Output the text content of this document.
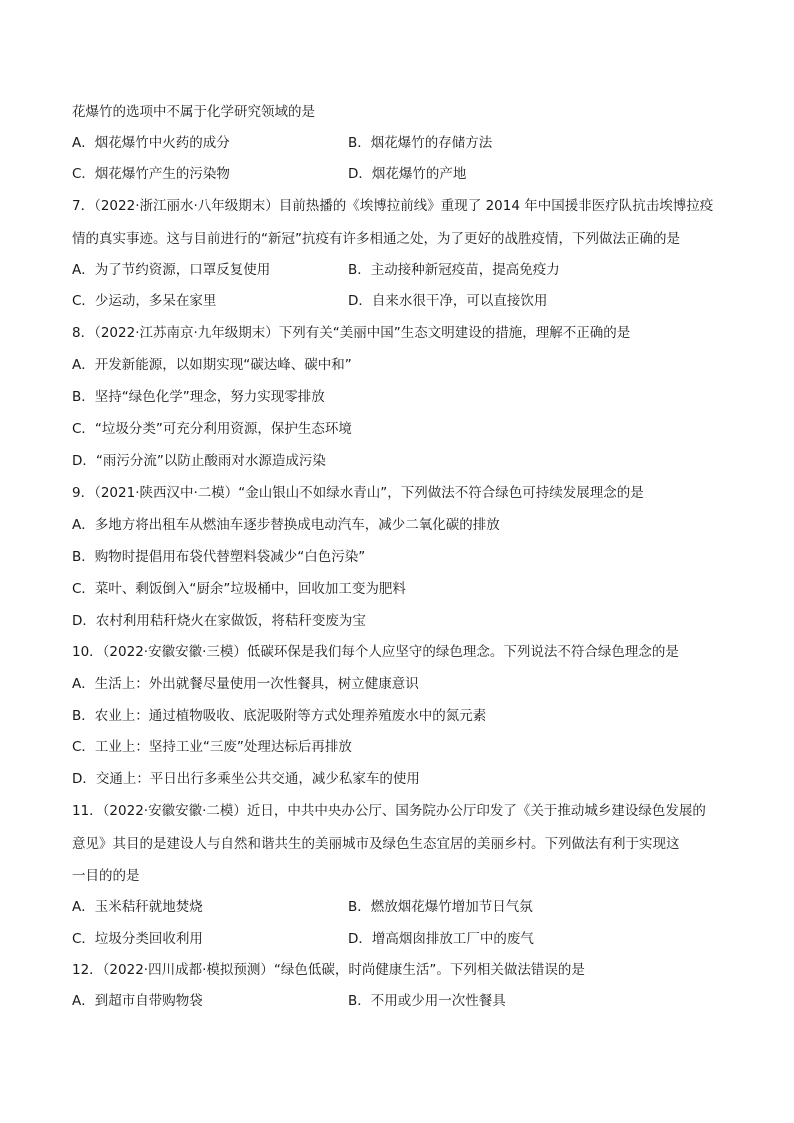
花爆竹的选项中不属于化学研究领域的是
A．烟花爆竹中火药的成分	B．烟花爆竹的存储方法
C．烟花爆竹产生的污染物	D．烟花爆竹的产地
7．（2022·浙江丽水·八年级期末）目前热播的《埃博拉前线》重现了 2014 年中国援非医疗队抗击埃博拉疫
情的真实事迹。这与目前进行的“新冠”抗疫有许多相通之处，为了更好的战胜疫情，下列做法正确的是
A．为了节约资源，口罩反复使用	B．主动接种新冠疫苗，提高免疫力
C．少运动，多呆在家里	D．自来水很干净，可以直接饮用
8．（2022·江苏南京·九年级期末）下列有关“美丽中国”生态文明建设的措施，理解不正确的是
A．开发新能源，以如期实现“碳达峰、碳中和”
B．坚持“绿色化学”理念，努力实现零排放
C．“垃圾分类”可充分利用资源，保护生态环境
D．“雨污分流”以防止酸雨对水源造成污染
9．（2021·陕西汉中·二模）“金山银山不如绿水青山”，下列做法不符合绿色可持续发展理念的是
A．多地方将出租车从燃油车逐步替换成电动汽车，减少二氧化碳的排放
B．购物时提倡用布袋代替塑料袋减少“白色污染”
C．菜叶、剩饭倒入“厨余”垃圾桶中，回收加工变为肥料
D．农村利用秸秆烧火在家做饭，将秸秆变废为宝
10．（2022·安徽安徽·三模）低碳环保是我们每个人应坚守的绿色理念。下列说法不符合绿色理念的是
A．生活上：外出就餐尽量使用一次性餐具，树立健康意识
B．农业上：通过植物吸收、底泥吸附等方式处理养殖废水中的氮元素
C．工业上：坚持工业“三废”处理达标后再排放
D．交通上：平日出行多乘坐公共交通，减少私家车的使用
11．（2022·安徽安徽·二模）近日，中共中央办公厅、国务院办公厅印发了《关于推动城乡建设绿色发展的
意见》其目的是建设人与自然和谐共生的美丽城市及绿色生态宜居的美丽乡村。下列做法有利于实现这
一目的的是
A．玉米秸秆就地焚烧	B．燃放烟花爆竹增加节日气氛
C．垃圾分类回收利用	D．增高烟囱排放工厂中的废气
12．（2022·四川成都·模拟预测）“绿色低碳，时尚健康生活”。下列相关做法错误的是
A．到超市自带购物袋	B．不用或少用一次性餐具
